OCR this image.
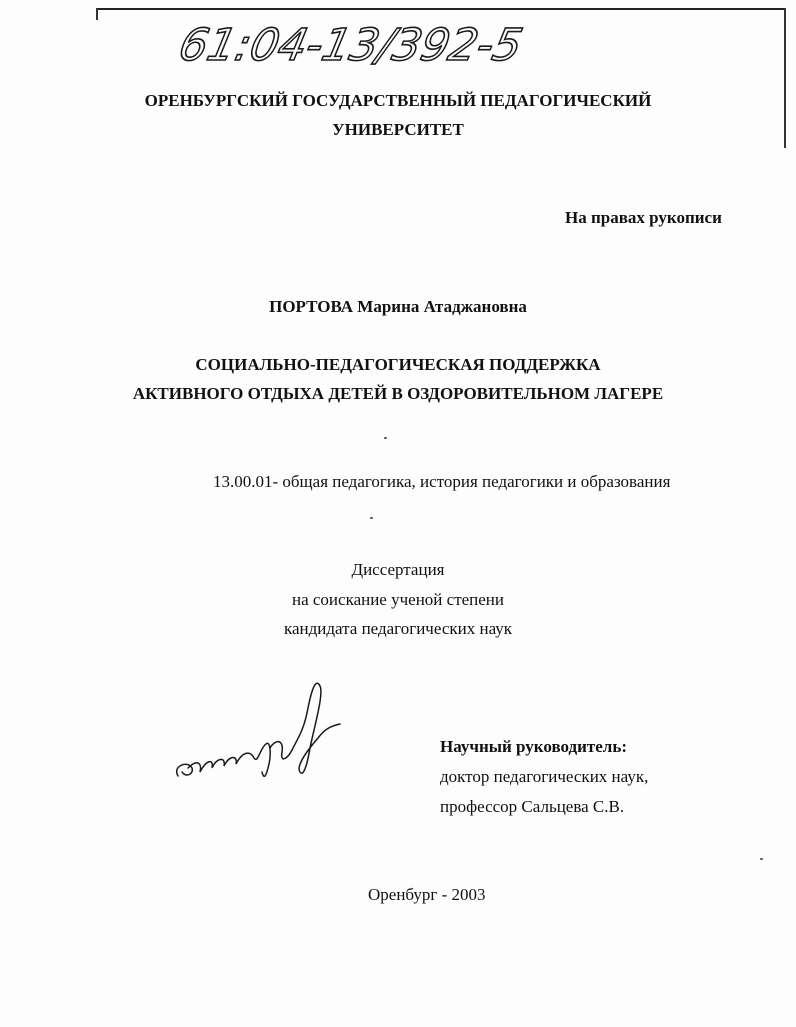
61:04-13/392-5
ОРЕНБУРГСКИЙ ГОСУДАРСТВЕННЫЙ ПЕДАГОГИЧЕСКИЙ
УНИВЕРСИТЕТ
На правах рукописи
ПОРТОВА Марина Атаджановна
СОЦИАЛЬНО-ПЕДАГОГИЧЕСКАЯ ПОДДЕРЖКА
АКТИВНОГО ОТДЫХА ДЕТЕЙ В ОЗДОРОВИТЕЛЬНОМ ЛАГЕРЕ
13.00.01- общая педагогика, история педагогики и образования
Диссертация
на соискание ученой степени
кандидата педагогических наук
Научный руководитель:
доктор педагогических наук,
профессор Сальцева С.В.
Оренбург - 2003
